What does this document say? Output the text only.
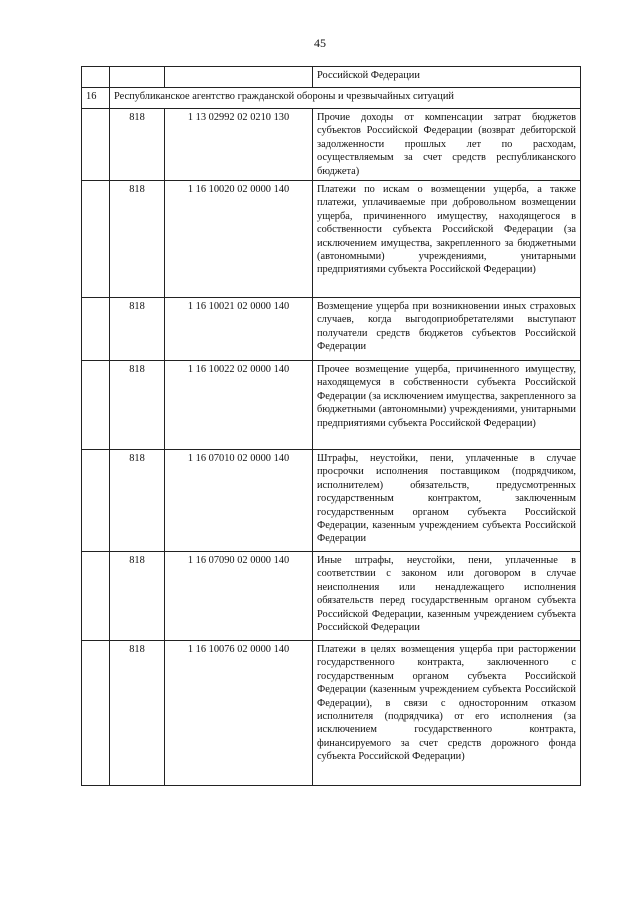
45
			Российской Федерации
16	Республиканское агентство гражданской обороны и чрезвычайных ситуаций		
	818	1 13 02992 02 0210 130	Прочие доходы от компенсации затрат бюджетов субъектов Российской Федерации (возврат дебиторской задолженности прошлых лет по расходам, осуществляемым за счет средств республиканского бюджета)
	818	1 16 10020 02 0000 140	Платежи по искам о возмещении ущерба, а также платежи, уплачиваемые при добровольном возмещении ущерба, причиненного имуществу, находящегося в собственности субъекта Российской Федерации (за исключением имущества, закрепленного за бюджетными (автономными) учреждениями, унитарными предприятиями субъекта Российской Федерации)
	818	1 16 10021 02 0000 140	Возмещение ущерба при возникновении иных страховых случаев, когда выгодоприобретателями выступают получатели средств бюджетов субъектов Российской Федерации
	818	1 16 10022 02 0000 140	Прочее возмещение ущерба, причиненного имуществу, находящемуся в собственности субъекта Российской Федерации (за исключением имущества, закрепленного за бюджетными (автономными) учреждениями, унитарными предприятиями субъекта Российской Федерации)
	818	1 16 07010 02 0000 140	Штрафы, неустойки, пени, уплаченные в случае просрочки исполнения поставщиком (подрядчиком, исполнителем) обязательств, предусмотренных государственным контрактом, заключенным государственным органом субъекта Российской Федерации, казенным учреждением субъекта Российской Федерации
	818	1 16 07090 02 0000 140	Иные штрафы, неустойки, пени, уплаченные в соответствии с законом или договором в случае неисполнения или ненадлежащего исполнения обязательств перед государственным органом субъекта Российской Федерации, казенным учреждением субъекта Российской Федерации
	818	1 16 10076 02 0000 140	Платежи в целях возмещения ущерба при расторжении государственного контракта, заключенного с государственным органом субъекта Российской Федерации (казенным учреждением субъекта Российской Федерации), в связи с односторонним отказом исполнителя (подрядчика) от его исполнения (за исключением государственного контракта, финансируемого за счет средств дорожного фонда субъекта Российской Федерации)
